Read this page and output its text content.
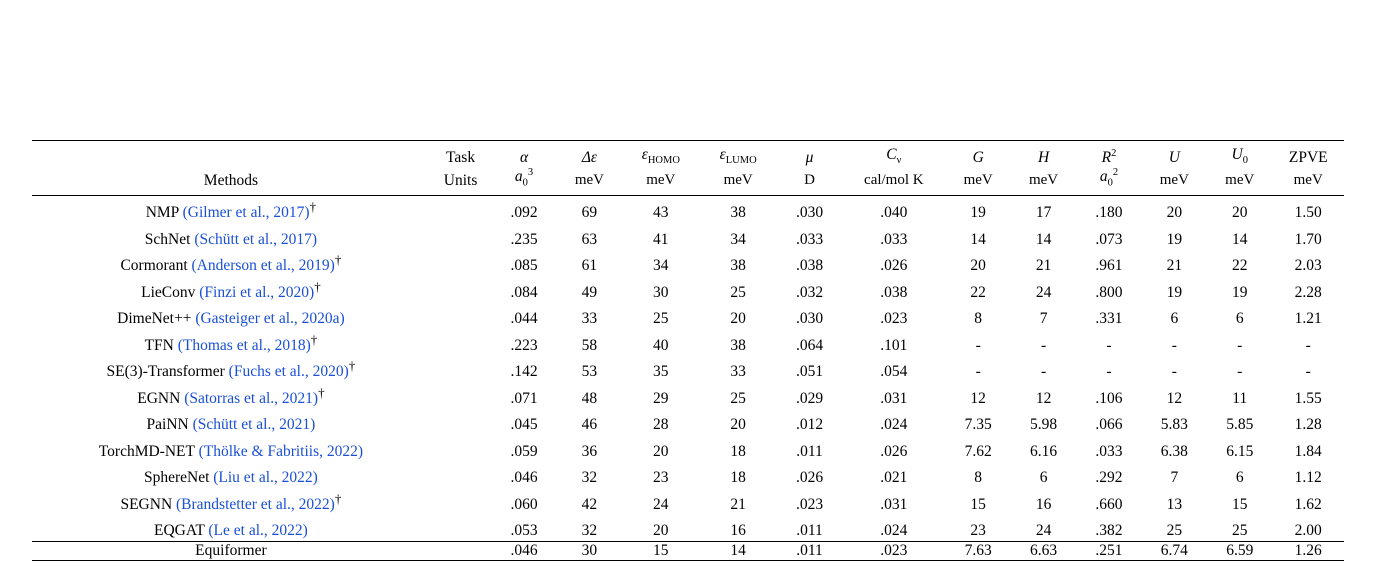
	Task	α	Δε	$\varepsilon_{HOMO}$	$\varepsilon_{LUMO}$	μ	$C_\nu$	G	H	$R^2$	U	$U_0$	ZPVE
Methods	Units	$a_0^3$	meV	meV	meV	D	cal/mol K	meV	meV	$a_0^2$	meV	meV	meV
NMP (Gilmer et al., 2017)†		.092	69	43	38	.030	.040	19	17	.180	20	20	1.50
SchNet (Schütt et al., 2017)		.235	63	41	34	.033	.033	14	14	.073	19	14	1.70
Cormorant (Anderson et al., 2019)†		.085	61	34	38	.038	.026	20	21	.961	21	22	2.03
LieConv (Finzi et al., 2020)†		.084	49	30	25	.032	.038	22	24	.800	19	19	2.28
DimeNet++ (Gasteiger et al., 2020a)		.044	33	25	20	.030	.023	8	7	.331	6	6	1.21
TFN (Thomas et al., 2018)†		.223	58	40	38	.064	.101	-	-	-	-	-	-
SE(3)-Transformer (Fuchs et al., 2020)†		.142	53	35	33	.051	.054	-	-	-	-	-	-
EGNN (Satorras et al., 2021)†		.071	48	29	25	.029	.031	12	12	.106	12	11	1.55
PaiNN (Schütt et al., 2021)		.045	46	28	20	.012	.024	7.35	5.98	.066	5.83	5.85	1.28
TorchMD-NET (Thölke & Fabritiis, 2022)		.059	36	20	18	.011	.026	7.62	6.16	.033	6.38	6.15	1.84
SphereNet (Liu et al., 2022)		.046	32	23	18	.026	.021	8	6	.292	7	6	1.12
SEGNN (Brandstetter et al., 2022)†		.060	42	24	21	.023	.031	15	16	.660	13	15	1.62
EQGAT (Le et al., 2022)		.053	32	20	16	.011	.024	23	24	.382	25	25	2.00
Equiformer		.046	30	15	14	.011	.023	7.63	6.63	.251	6.74	6.59	1.26
